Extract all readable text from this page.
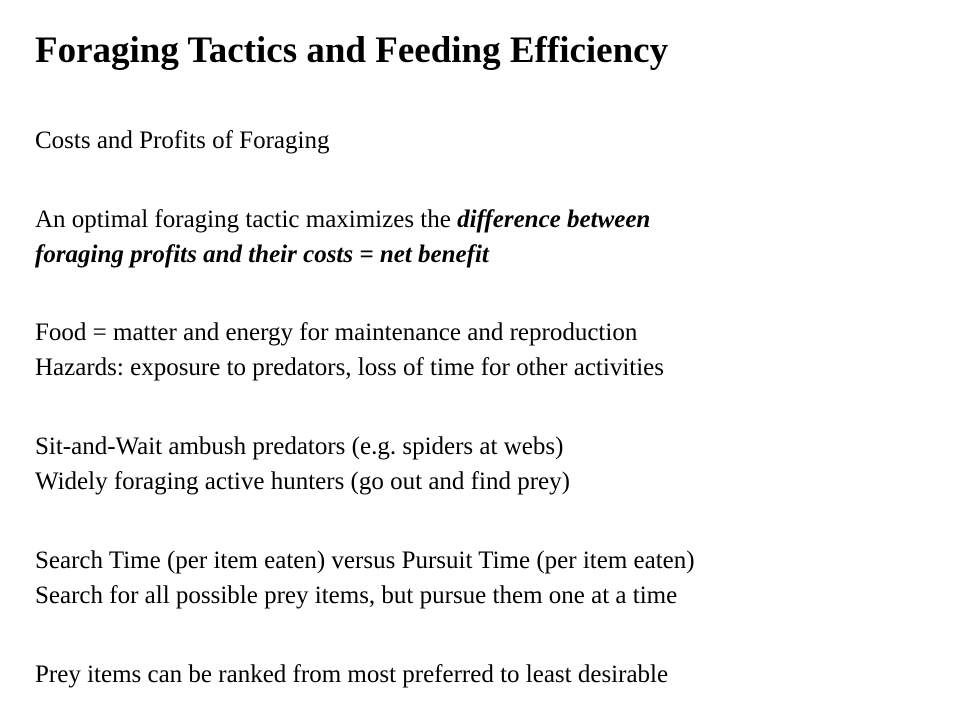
Foraging Tactics and Feeding Efficiency
Costs and Profits of Foraging
An optimal foraging tactic maximizes the difference between
foraging profits and their costs = net benefit
Food = matter and energy for maintenance and reproduction
Hazards: exposure to predators, loss of time for other activities
Sit-and-Wait ambush predators (e.g. spiders at webs)
Widely foraging active hunters (go out and find prey)
Search Time (per item eaten) versus Pursuit Time (per item eaten)
Search for all possible prey items, but pursue them one at a time
Prey items can be ranked from most preferred to least desirable
